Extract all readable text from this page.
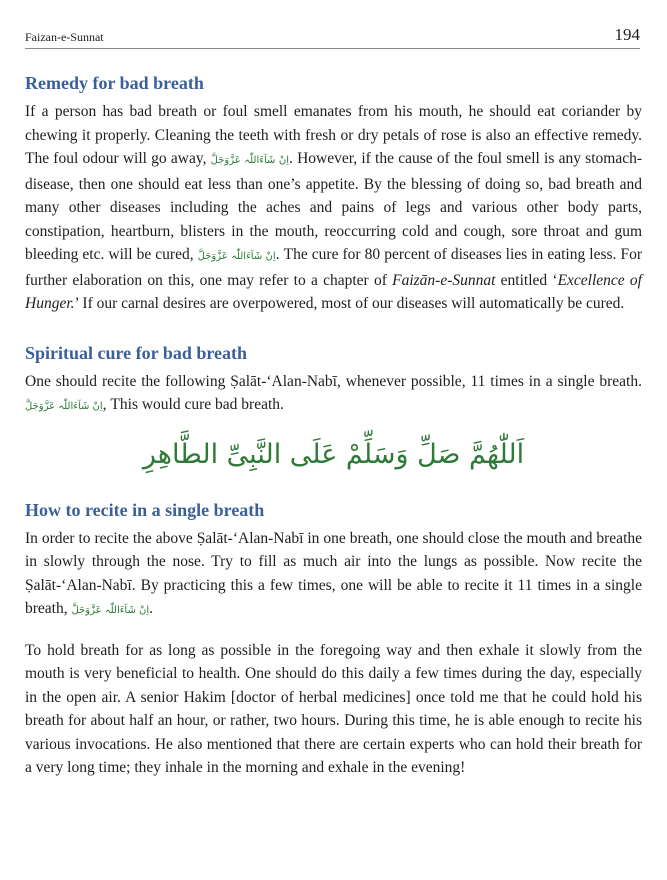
Faizan-e-Sunnat	194
Remedy for bad breath

If a person has bad breath or foul smell emanates from his mouth, he should eat coriander by chewing it properly. Cleaning the teeth with fresh or dry petals of rose is also an effective remedy. The foul odour will go away, اِنْ شَآءَاللّٰہ عَزَّوَجَلَّ. However, if the cause of the foul smell is any stomach-disease, then one should eat less than one’s appetite. By the blessing of doing so, bad breath and many other diseases including the aches and pains of legs and various other body parts, constipation, heartburn, blisters in the mouth, reoccurring cold and cough, sore throat and gum bleeding etc. will be cured, اِنْ شَآءَاللّٰہ عَزَّوَجَلَّ. The cure for 80 percent of diseases lies in eating less. For further elaboration on this, one may refer to a chapter of Faizān-e-Sunnat entitled ‘Excellence of Hunger.’ If our carnal desires are overpowered, most of our diseases will automatically be cured.

Spiritual cure for bad breath

One should recite the following Ṣalāt-‘Alan-Nabī, whenever possible, 11 times in a single breath. اِنْ شَآءَاللّٰہ عَزَّوَجَلَّ, This would cure bad breath.

اَللّٰھُمَّ صَلِّ وَسَلِّمْ عَلَى النَّبِیِّ الطَّاھِرِ
How to recite in a single breath

In order to recite the above Ṣalāt-‘Alan-Nabī in one breath, one should close the mouth and breathe in slowly through the nose. Try to fill as much air into the lungs as possible. Now recite the Ṣalāt-‘Alan-Nabī. By practicing this a few times, one will be able to recite it 11 times in a single breath, اِنْ شَآءَاللّٰہ عَزَّوَجَلَّ.

To hold breath for as long as possible in the foregoing way and then exhale it slowly from the mouth is very beneficial to health. One should do this daily a few times during the day, especially in the open air. A senior Hakim [doctor of herbal medicines] once told me that he could hold his breath for about half an hour, or rather, two hours. During this time, he is able enough to recite his various invocations. He also mentioned that there are certain experts who can hold their breath for a very long time; they inhale in the morning and exhale in the evening!
